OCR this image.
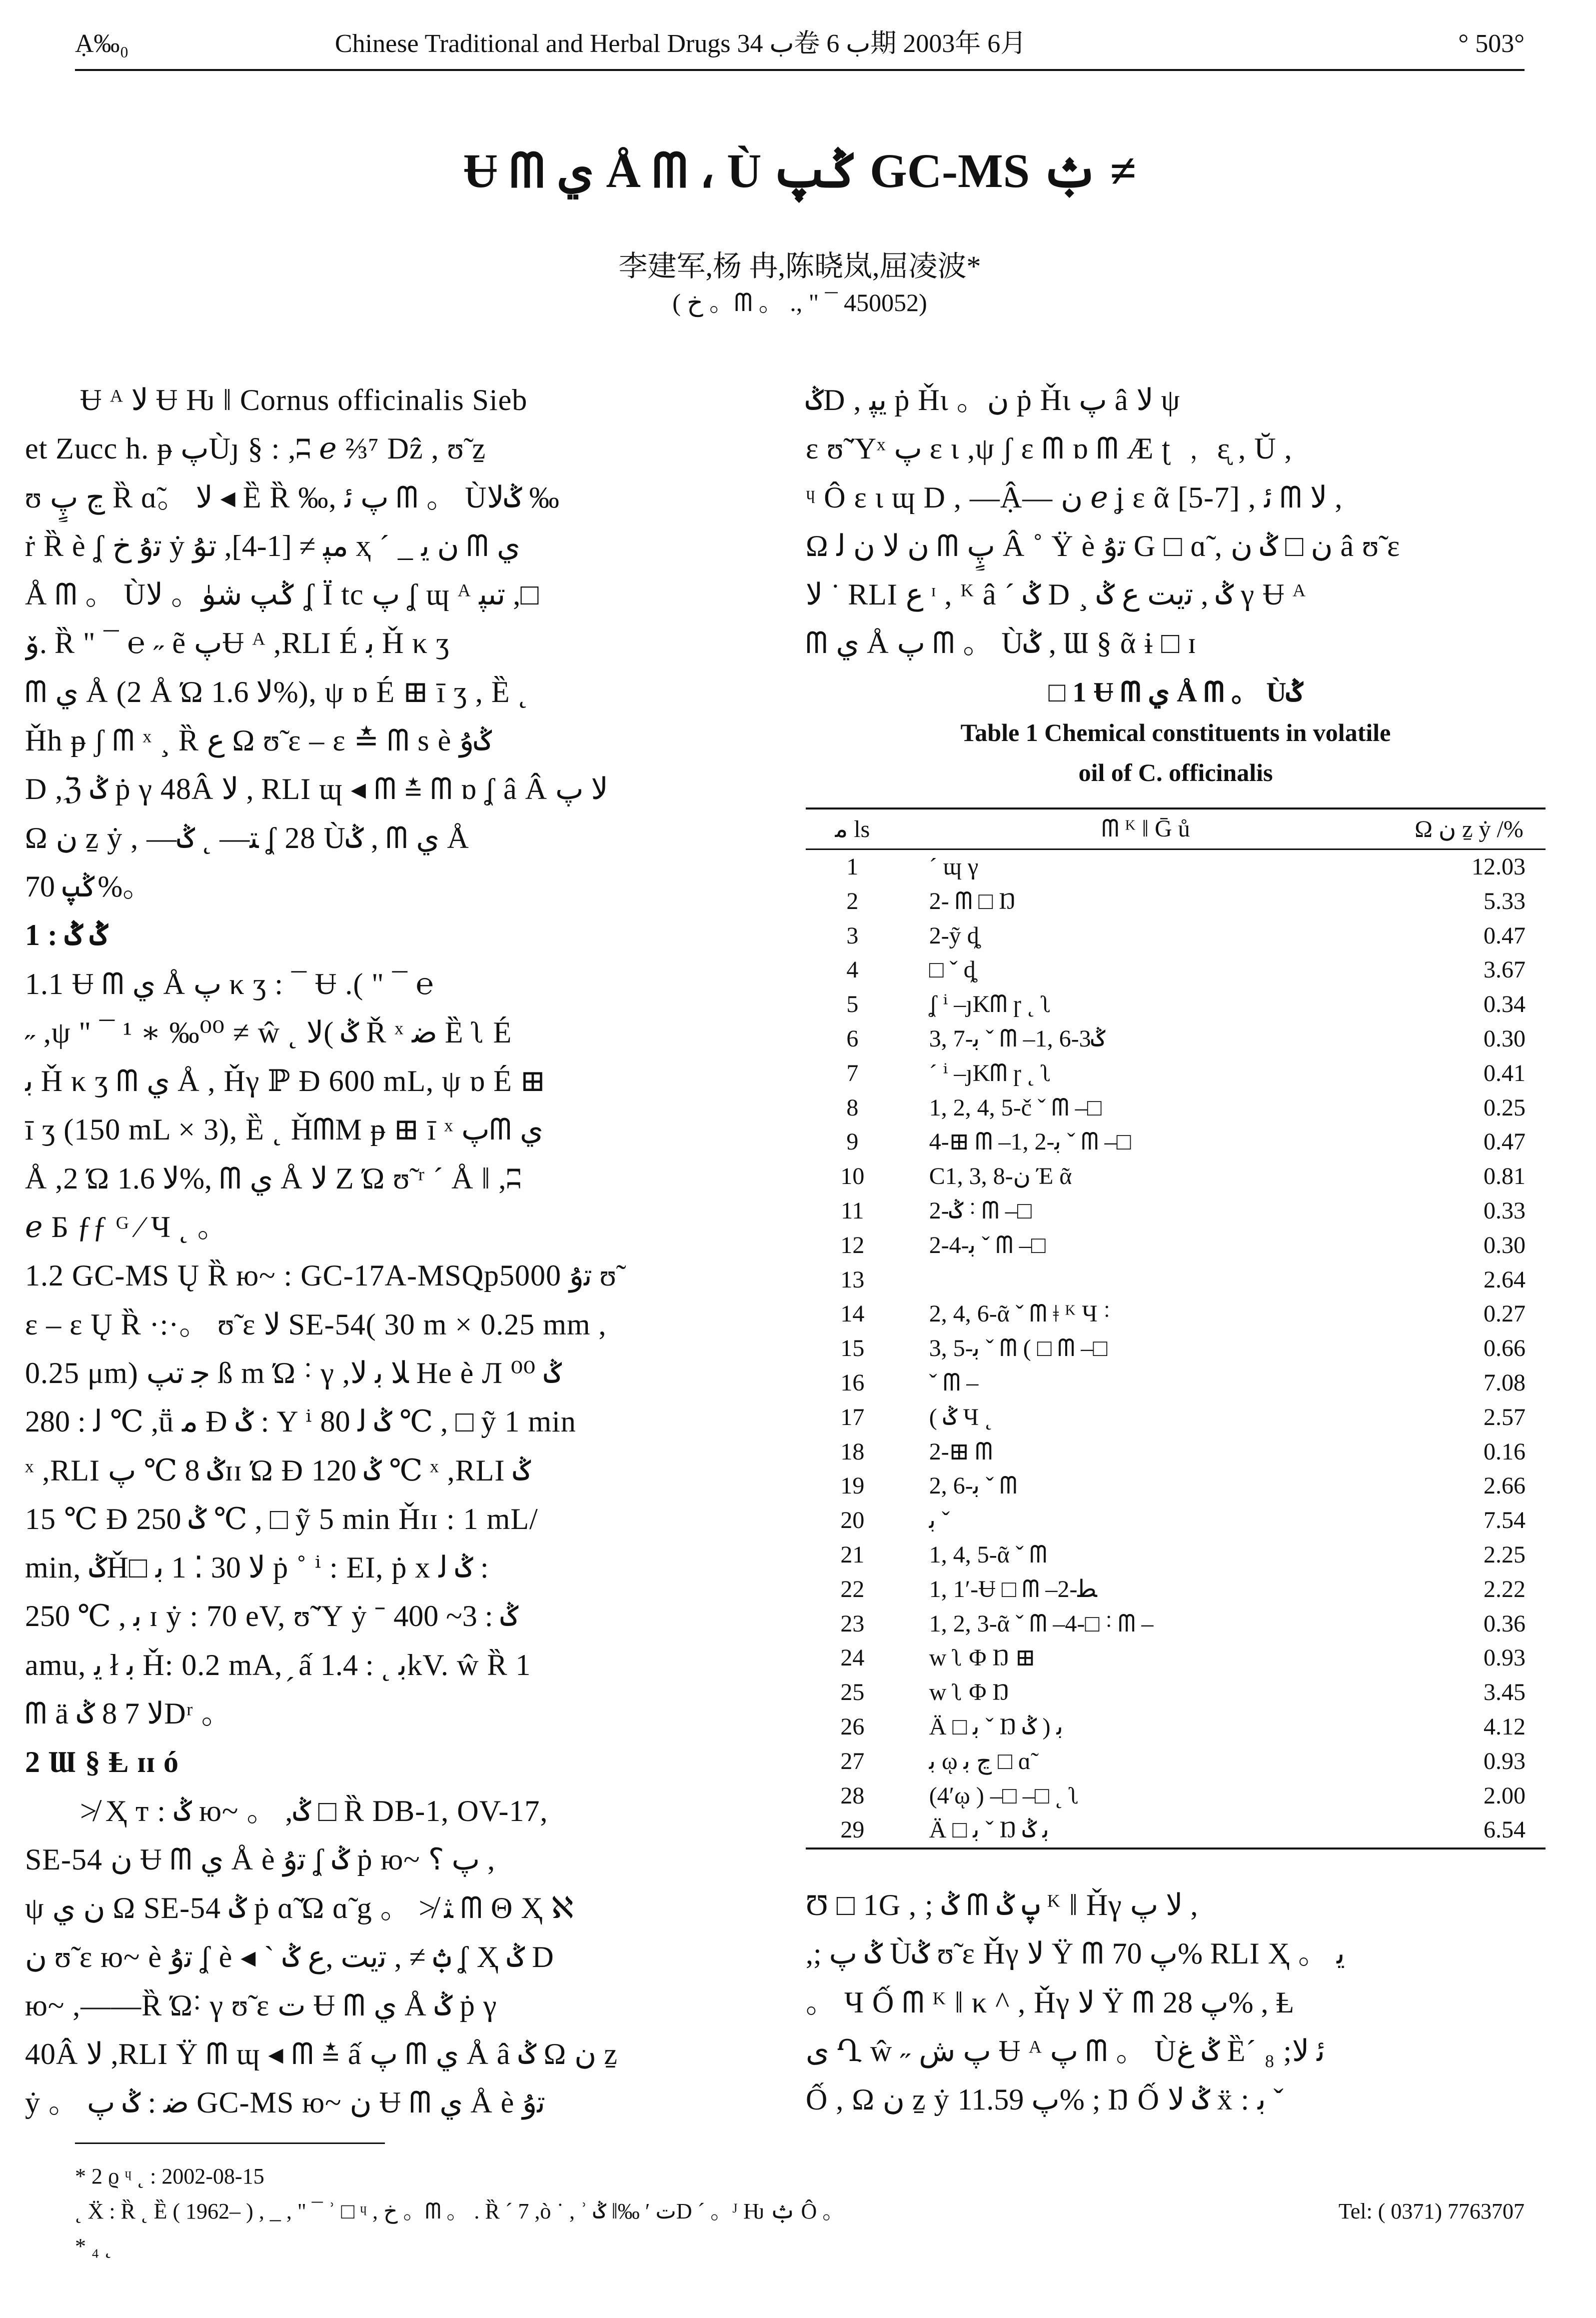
Ạ‰₀	Chinese Traditional and Herbal Drugs ب 34卷 ب 6期 2003年 6月	° 503°
Ʉ ᗰ ي Å ᗰ ، Ù ݣپ GC-MS ݑ ≠
李建军,杨 冉,陈晓岚,屈凌波*
( خ 。ᗰ 。 ., " ¯ 450052)

Ʉ ᴬ ﻻ Ʉ Ƕ ‖ Cornus officinalis Sieb

et Zucc h. ᵽ پÙȷ § : ,ʭ ℯ ⅔⁷ Dẑ , ʊ̃ ẕ

ʊ ڃ پٍ Ȑ ɑ̃。 ﻻ ◂ Ȅ Ȑ ‰, پ ﺋ ᗰ 。 Ùݣﻻ ‰

ṙ Ȑ è ʆ ﺗﯗ خ ẏ ﻣﭙ ≠ [1-4], ﺗﯘ ҳ ´ _ ﻥ ﻳ ᗰ ي

Å ᗰ 。 Ùݣپ ﺷﯜ。 ﻻ ʆ Ï tc پ ʆ ɰ ᴬ ﺗﯩﭙ ,□

ﯙ. Ȑ " ¯ ℮ ˶ ẽ پɄ ᴬ ,RLI É ﺑ Ȟ κ ʒ

ᗰ ي Å (2 Å Ώ ﻻ 1.6%), ψ ɒ É ⊞ ī ʒ , Ȅ ˛

Ȟh ᵽ ʃ ᗰ ˣ ¸ Ȑ ﻉ Ω ʊ̃ ɛ – ɛ ≛ ᗰ s è ݣﯗ

D ,ℨ ݣ ṗ γ 48Â ﻻ , RLI ɰ ◂ ᗰ ≛ ᗰ ɒ ʆ â Â ﻻ پ

Ω ﻥ ẕ ẏ , ―ﺘ― ˛ ݣ ʆ 28 Ùݣ , ᗰ ي Å

ݣپ 70%。

1 : ݣ ݣ

1.1 Ʉ ᗰ ي Å پ κ ʒ : ¯ Ʉ .( " ¯ ℮

˶ ,ψ " ¯ ¹ ∗ ‰⁰⁰ ≠ ŵ ˛ ݣ )ﻻ Ř ˣ ﺿ Ȅ ʅ É

ﺑ Ȟ κ ʒ ᗰ ي Å , Ȟγ ℙ Ɖ 600 mL, ψ ɒ É ⊞

ī ʒ (150 mL × 3), Ȅ ˛ ȞᗰM ᵽ ⊞ ī ˣ پᗰ ي

Å ,2 Ώ ﻻ 1.6%, ᗰ ي Å ﻻ Z Ώ ʊ̃ ʳ ´ Å ‖ ,ʭ

ℯ Б ƒƒ ᴳ ⁄ Ч ˛ 。

1.2 GC-MS Ų Ȑ ю~ : GC-17A-MSQp5000 ﺗﯗ ʊ̃

ɛ – ɛ Ų Ȑ ·:·。 ʊ̃ ɛ ﻻ SE-54( 30 m × 0.25 mm ,

0.25 μm) ﺟ ﺗﭗ ß m Ώ ˸ γ ,ﻼ ﺑ ﻻ He è Л ⁰⁰ ݣ

ﻟ : 280 ℃ ,ṻ ﻣ Ɖ ݣ : Υ ⁱ ݣ ﻟ 80 ℃ , □ ỹ 1 min

ˣ ,RLI ݣ 8 ℃ پɪɪ Ώ Ɖ ݣ 120 ℃ ˣ ,RLI ݣ

15 ℃ Ɖ ݣ 250 ℃ , □ ỹ 5 min Ȟɪɪ : 1 mL/

min, ݣȞ□ ﻻ 30 ⁚ 1 ﺑ ṗ ˚ ⁱ : EI, ṗ x ݣ ﻟ :

250 ℃ , ﺑ ɪ ẏ : 70 eV, ʊ̃ Ύ ẏ ˉ ݣ : 3~ 400

amu, ﻳ ł ﺑ Ȟ: 0.2 mA, ̗ ấ ﺑ ˛ : 1.4kV. ŵ Ȑ 1

ᗰ ä ﻻ 7 8 ݣDʳ 。

2 Ɯ § Ⱡ ɪɪ ó

≯ Ҳ т : ݣ ю~ 。 ,ݣ □ Ȑ DB-1, OV-17,

SE-54 ﻥ Ʉ ᗰ ي Å è ﺗﯗ ʆ ݣ ṗ ю~ پ ؟ ,

ψ ﻥ ي Ω SE-54 ݣ ṗ ɑ̃ Ώ ɑ̃ g 。 ≯ ﺜ ᗰ Θ Ҳ ℵ

ﻥ ʊ̃ ɛ ю~ è ﺗﯗ ʆ è ◂ ` ݑ ≠ , ﺗﯾﺖ ,ﻉ ݣ ʆ Ҳ ݣ D

ю~ ,――Ȑ Ώ˸ γ ʊ̃ ɛ ﺕ Ʉ ᗰ ي Å ݣ ṗ γ

40Â ﻻ ,RLI Ÿ ᗰ ɰ ◂ ᗰ ≛ ấ پ ᗰ ي Å â ݣ Ω ﻥ ẕ

ẏ 。 ﺿ : ݣ پ GC-MS ю~ ﻥ Ʉ ᗰ ي Å è ﺗﯗ

ݣD , ﻳﭙ ṗ Ȟɩ 。ﻥ ṗ Ȟɩ پ â ﻻ ψ

ɛ ʊ̃ Ύˣ پ ɛ ɩ ,ψ ʃ ɛ ᗰ ɒ ᗰ Æ ʈ ﹐ ᶓ , Ŭ ,

ᶣ Ô ɛ ɩ ɰ D , ―Ậ― ﻥ ℯ ʝ ɛ ᾶ [5-7] , ﺋ ᗰ ﻻ ,

Ω ﻥ ﻻ ﻥ ﻟ ᗰ پٍ Â ˚ Ÿ è ﺗﯗ G □ ɑ̃ , ﻥ □ ݣ ﻥ â ʊ̃ ɛ

ﻻ ˙ RLI ﻉ ᶦ , ᴷ â ´ ݣ D ¸ ݣ , ﺗﯾﺖ ﻉ ݣ γ Ʉ ᴬ

ᗰ ي Å پ ᗰ 。 Ùݣ , Ɯ § ᾶ ɨ □ ɪ

□ 1 Ʉ ᗰ ي Å ᗰ 。 Ùݣ
Table 1 Chemical constituents in volatile
oil of C. officinalis
ﻣ ls	ᗰ ᴷ ‖ Ḡ ů	Ω ﻥ ẕ ẏ /%
1	´ ɰ γ	12.03
2	2- ᗰ □ Ŋ	5.33
3	2-ỹ ȡ	0.47
4	□ ˇ ȡ	3.67
5	ʆ ⁱ –ȷKᗰ ɼ ˛ ʅ	0.34
6	3, 7-ﺑ ˇ ᗰ –1, 6-3ݣ	0.30
7	´ ⁱ –ȷKᗰ ɼ ˛ ʅ	0.41
8	1, 2, 4, 5-č ˇ ᗰ –□	0.25
9	4-⊞ ᗰ –1, 2-ﺑ ˇ ᗰ –□	0.47
10	C1, 3, 8-ﻥ Έ ᾶ	0.81
11	2-ݣ ˸ ᗰ –□	0.33
12	2-4-ﺑ ˇ ᗰ –□	0.30
13		2.64
14	2, 4, 6-ᾶ ˇ ᗰ ǂ ᴷ Ч ˸	0.27
15	3, 5-ﺑ ˇ ᗰ ( □ ᗰ –□	0.66
16	ˇ ᗰ –	7.08
17	( ݣ Ч ˛	2.57
18	2-⊞ ᗰ	0.16
19	2, 6-ﺑ ˇ ᗰ	2.66
20	ﺑ ˇ	7.54
21	1, 4, 5-ᾶ ˇ ᗰ	2.25
22	1, 1′-Ʉ □ ᗰ –2-ﻄ	2.22
23	1, 2, 3-ᾶ ˇ ᗰ –4-□ ˸ ᗰ –	0.36
24	w ʅ Φ Ŋ ⊞	0.93
25	w ʅ Φ Ŋ	3.45
26	Ä □ ﺑ ˇ Ŋ ﺑ ( ݣ	4.12
27	ﺑ ῳ ڃ ﺑ □ ɑ̃	0.93
28	(4′ῳ ) –□ –□ ˛ ʅ	2.00
29	Ä □ ﺑ ˇ Ŋ ﺑ ݣ	6.54

Ʊ □ 1G , ; ݣ ᗰ پ ݣ ᴷ ‖ Ȟγ ﻻ پ ,

,; ݣ پ Ùݣ ʊ̃ ɛ Ȟγ ﻻ Ÿ ᗰ پ 70% RLI Ҳ 。 ﻳ

。 Ч Ố ᗰ ᴷ ‖ κ ^ , Ȟγ ﻻ Ÿ ᗰ پ 28% , Ⱡ

ﯼ Ղ ŵ ˶ پ ﺵ Ʉ ᴬ پ ᗰ 。 Ùݣ غ Ȅ´ ₈ ;ﺋ ﻻ

Ố , Ω ﻥ ẕ ẏ پ 11.59% ; Ŋ Ố ݣ ﻻ ẍ : ﺑ ˇ

* 2 ϱ ᶣ ˛ : 2002-08-15

˛ Ẍ : Ȑ ˛ Ȅ ( 1962– ) , _ , " ¯ ʾ □ ᶣ , خ 。ᗰ 。 . Ȑ ´ 7 ,ò ˙ , ʾ ﺕ ʹ ‰‖ ݣD ´ 。ᴶ Ƕ ݑ Ô 。	Tel: ( 0371) 7763707

* ₄ ˛
